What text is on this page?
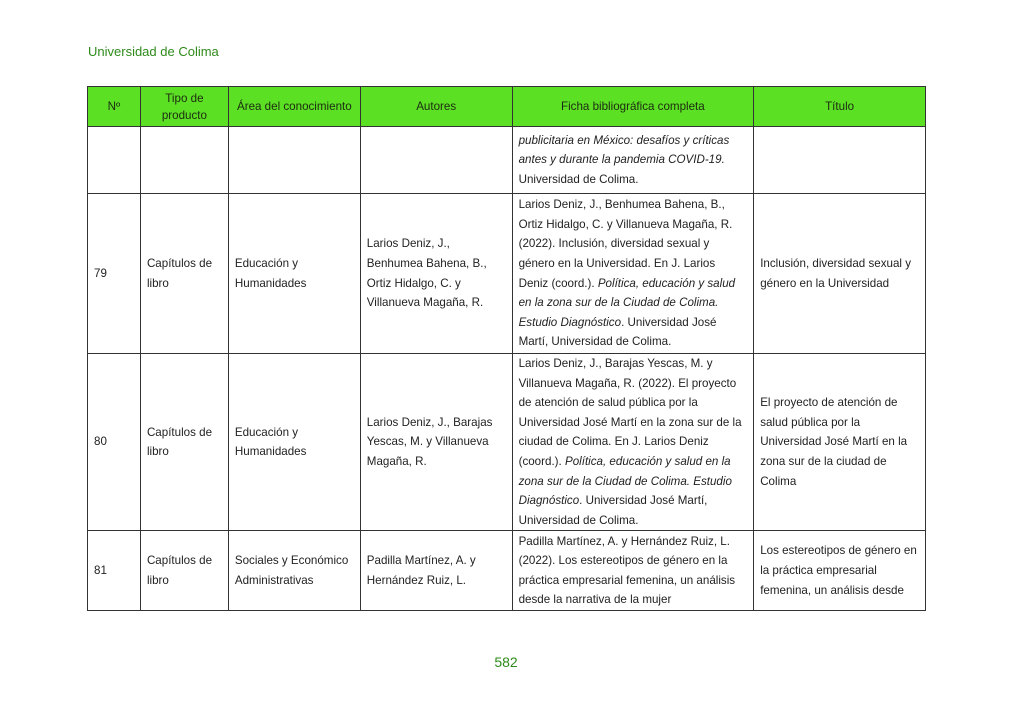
Universidad de Colima
Nº	Tipo de producto	Área del conocimiento	Autores	Ficha bibliográfica completa	Título
				publicitaria en México: desafíos y críticas antes y durante la pandemia COVID-19. Universidad de Colima.	
79	Capítulos de libro	Educación y Humanidades	Larios Deniz, J., Benhumea Bahena, B., Ortiz Hidalgo, C. y Villanueva Magaña, R.	Larios Deniz, J., Benhumea Bahena, B., Ortiz Hidalgo, C. y Villanueva Magaña, R. (2022). Inclusión, diversidad sexual y género en la Universidad. En J. Larios Deniz (coord.). Política, educación y salud en la zona sur de la Ciudad de Colima. Estudio Diagnóstico. Universidad José Martí, Universidad de Colima.	Inclusión, diversidad sexual y género en la Universidad
80	Capítulos de libro	Educación y Humanidades	Larios Deniz, J., Barajas Yescas, M. y Villanueva Magaña, R.	Larios Deniz, J., Barajas Yescas, M. y Villanueva Magaña, R. (2022). El proyecto de atención de salud pública por la Universidad José Martí en la zona sur de la ciudad de Colima. En J. Larios Deniz (coord.). Política, educación y salud en la zona sur de la Ciudad de Colima. Estudio Diagnóstico. Universidad José Martí, Universidad de Colima.	El proyecto de atención de salud pública por la Universidad José Martí en la zona sur de la ciudad de Colima
81	Capítulos de libro	Sociales y Económico Administrativas	Padilla Martínez, A. y Hernández Ruiz, L.	Padilla Martínez, A. y Hernández Ruiz, L. (2022). Los estereotipos de género en la práctica empresarial femenina, un análisis desde la narrativa de la mujer	Los estereotipos de género en la práctica empresarial femenina, un análisis desde
582
